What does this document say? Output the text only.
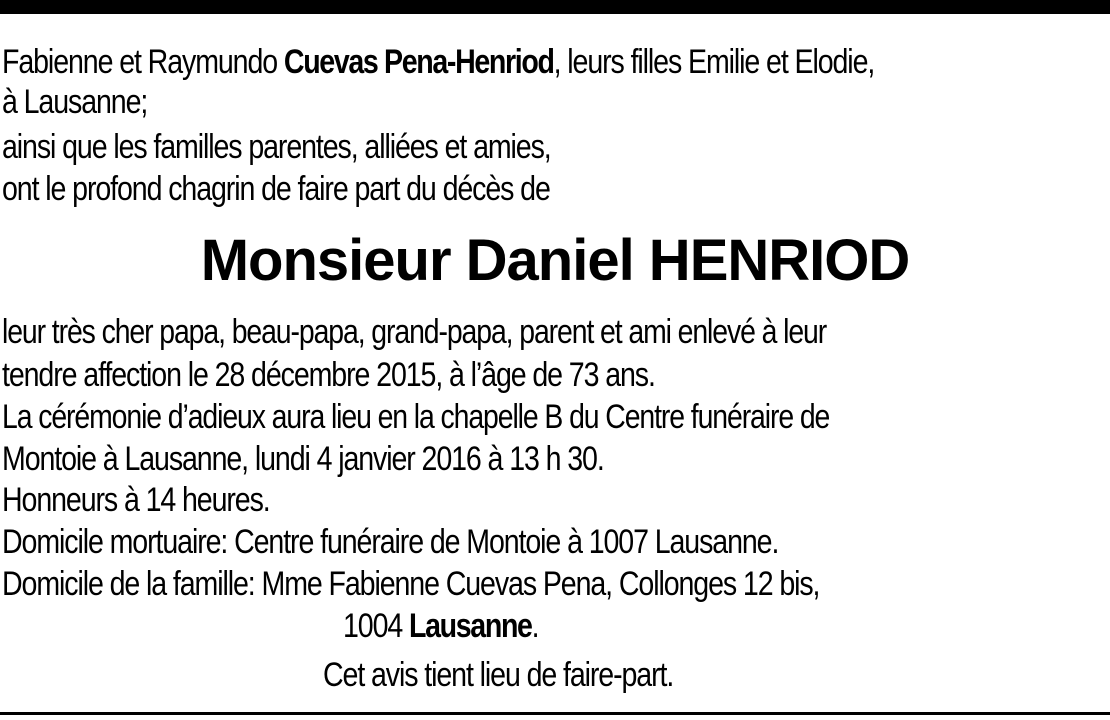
Fabienne et Raymundo Cuevas Pena-Henriod, leurs filles Emilie et Elodie,
à Lausanne;
ainsi que les familles parentes, alliées et amies,
ont le profond chagrin de faire part du décès de
Monsieur Daniel HENRIOD
leur très cher papa, beau-papa, grand-papa, parent et ami enlevé à leur
tendre affection le 28 décembre 2015, à l’âge de 73 ans.
La cérémonie d’adieux aura lieu en la chapelle B du Centre funéraire de
Montoie à Lausanne, lundi 4 janvier 2016 à 13 h 30.
Honneurs à 14 heures.
Domicile mortuaire: Centre funéraire de Montoie à 1007 Lausanne.
Domicile de la famille: Mme Fabienne Cuevas Pena, Collonges 12 bis,
1004 Lausanne.
Cet avis tient lieu de faire-part.
